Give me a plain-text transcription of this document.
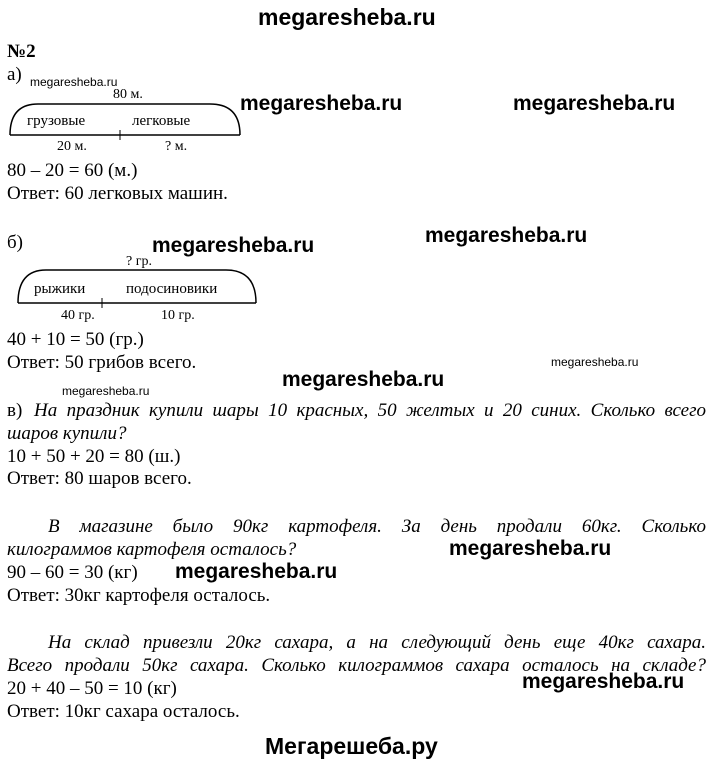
megaresheba.ru
№2
а) megaresheba.ru
megaresheba.ru	megaresheba.ru
80 м.
грузовые	легковые
20 м.	? м.
80 – 20 = 60 (м.)
Ответ: 60 легковых машин.
б)	megaresheba.ru	megaresheba.ru
? гр.
рыжики	подосиновики
40 гр.	10 гр.
40 + 10 = 50 (гр.)
Ответ: 50 грибов всего.	megaresheba.ru
megaresheba.ru	megaresheba.ru
в) На праздник купили шары 10 красных, 50 желтых и 20 синих. Сколько всего
шаров купили?
10 + 50 + 20 = 80 (ш.)
Ответ: 80 шаров всего.
В магазине было 90кг картофеля. За день продали 60кг. Сколько
килограммов картофеля осталось?	megaresheba.ru
90 – 60 = 30 (кг) megaresheba.ru
Ответ: 30кг картофеля осталось.
На склад привезли 20кг сахара, а на следующий день еще 40кг сахара.
Всего продали 50кг сахара. Сколько килограммов сахара осталось на складе?
20 + 40 – 50 = 10 (кг)	megaresheba.ru
Ответ: 10кг сахара осталось.
Мегарешеба.ру
